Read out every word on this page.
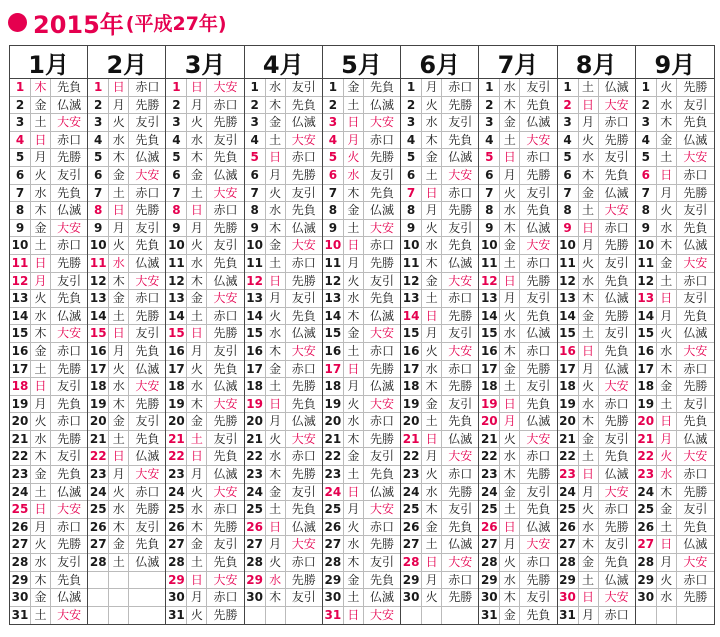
2015年 (平成27年)
1月
1 木 先負
2 金 仏滅
3 土 大安
4 日 赤口
5 月 先勝
6 火 友引
7 水 先負
8 木 仏滅
9 金 大安
10 土 赤口
11 日 先勝
12 月 友引
13 火 先負
14 水 仏滅
15 木 大安
16 金 赤口
17 土 先勝
18 日 友引
19 月 先負
20 火 赤口
21 水 先勝
22 木 友引
23 金 先負
24 土 仏滅
25 日 大安
26 月 赤口
27 火 先勝
28 水 友引
29 木 先負
30 金 仏滅
31 土 大安
2月
1 日 赤口
2 月 先勝
3 火 友引
4 水 先負
5 木 仏滅
6 金 大安
7 土 赤口
8 日 先勝
9 月 友引
10 火 先負
11 水 仏滅
12 木 大安
13 金 赤口
14 土 先勝
15 日 友引
16 月 先負
17 火 仏滅
18 水 大安
19 木 先勝
20 金 友引
21 土 先負
22 日 仏滅
23 月 大安
24 火 赤口
25 水 先勝
26 木 友引
27 金 先負
28 土 仏滅
3月
1 日 大安
2 月 赤口
3 火 先勝
4 水 友引
5 木 先負
6 金 仏滅
7 土 大安
8 日 赤口
9 月 先勝
10 火 友引
11 水 先負
12 木 仏滅
13 金 大安
14 土 赤口
15 日 先勝
16 月 友引
17 火 先負
18 水 仏滅
19 木 大安
20 金 先勝
21 土 友引
22 日 先負
23 月 仏滅
24 火 大安
25 水 赤口
26 木 先勝
27 金 友引
28 土 先負
29 日 大安
30 月 赤口
31 火 先勝
4月
1 水 友引
2 木 先負
3 金 仏滅
4 土 大安
5 日 赤口
6 月 先勝
7 火 友引
8 水 先負
9 木 仏滅
10 金 大安
11 土 赤口
12 日 先勝
13 月 友引
14 火 先負
15 水 仏滅
16 木 大安
17 金 赤口
18 土 先勝
19 日 先負
20 月 仏滅
21 火 大安
22 水 赤口
23 木 先勝
24 金 友引
25 土 先負
26 日 仏滅
27 月 大安
28 火 赤口
29 水 先勝
30 木 友引
5月
1 金 先負
2 土 仏滅
3 日 大安
4 月 赤口
5 火 先勝
6 水 友引
7 木 先負
8 金 仏滅
9 土 大安
10 日 赤口
11 月 先勝
12 火 友引
13 水 先負
14 木 仏滅
15 金 大安
16 土 赤口
17 日 先勝
18 月 仏滅
19 火 大安
20 水 赤口
21 木 先勝
22 金 友引
23 土 先負
24 日 仏滅
25 月 大安
26 火 赤口
27 水 先勝
28 木 友引
29 金 先負
30 土 仏滅
31 日 大安
6月
1 月 赤口
2 火 先勝
3 水 友引
4 木 先負
5 金 仏滅
6 土 大安
7 日 赤口
8 月 先勝
9 火 友引
10 水 先負
11 木 仏滅
12 金 大安
13 土 赤口
14 日 先勝
15 月 友引
16 火 大安
17 水 赤口
18 木 先勝
19 金 友引
20 土 先負
21 日 仏滅
22 月 大安
23 火 赤口
24 水 先勝
25 木 友引
26 金 先負
27 土 仏滅
28 日 大安
29 月 赤口
30 火 先勝
7月
1 水 友引
2 木 先負
3 金 仏滅
4 土 大安
5 日 赤口
6 月 先勝
7 火 友引
8 水 先負
9 木 仏滅
10 金 大安
11 土 赤口
12 日 先勝
13 月 友引
14 火 先負
15 水 仏滅
16 木 赤口
17 金 先勝
18 土 友引
19 日 先負
20 月 仏滅
21 火 大安
22 水 赤口
23 木 先勝
24 金 友引
25 土 先負
26 日 仏滅
27 月 大安
28 火 赤口
29 水 先勝
30 木 友引
31 金 先負
8月
1 土 仏滅
2 日 大安
3 月 赤口
4 火 先勝
5 水 友引
6 木 先負
7 金 仏滅
8 土 大安
9 日 赤口
10 月 先勝
11 火 友引
12 水 先負
13 木 仏滅
14 金 先勝
15 土 友引
16 日 先負
17 月 仏滅
18 火 大安
19 水 赤口
20 木 先勝
21 金 友引
22 土 先負
23 日 仏滅
24 月 大安
25 火 赤口
26 水 先勝
27 木 友引
28 金 先負
29 土 仏滅
30 日 大安
31 月 赤口
9月
1 火 先勝
2 水 友引
3 木 先負
4 金 仏滅
5 土 大安
6 日 赤口
7 月 先勝
8 火 友引
9 水 先負
10 木 仏滅
11 金 大安
12 土 赤口
13 日 友引
14 月 先負
15 火 仏滅
16 水 大安
17 木 赤口
18 金 先勝
19 土 友引
20 日 先負
21 月 仏滅
22 火 大安
23 水 赤口
24 木 先勝
25 金 友引
26 土 先負
27 日 仏滅
28 月 大安
29 火 赤口
30 水 先勝
